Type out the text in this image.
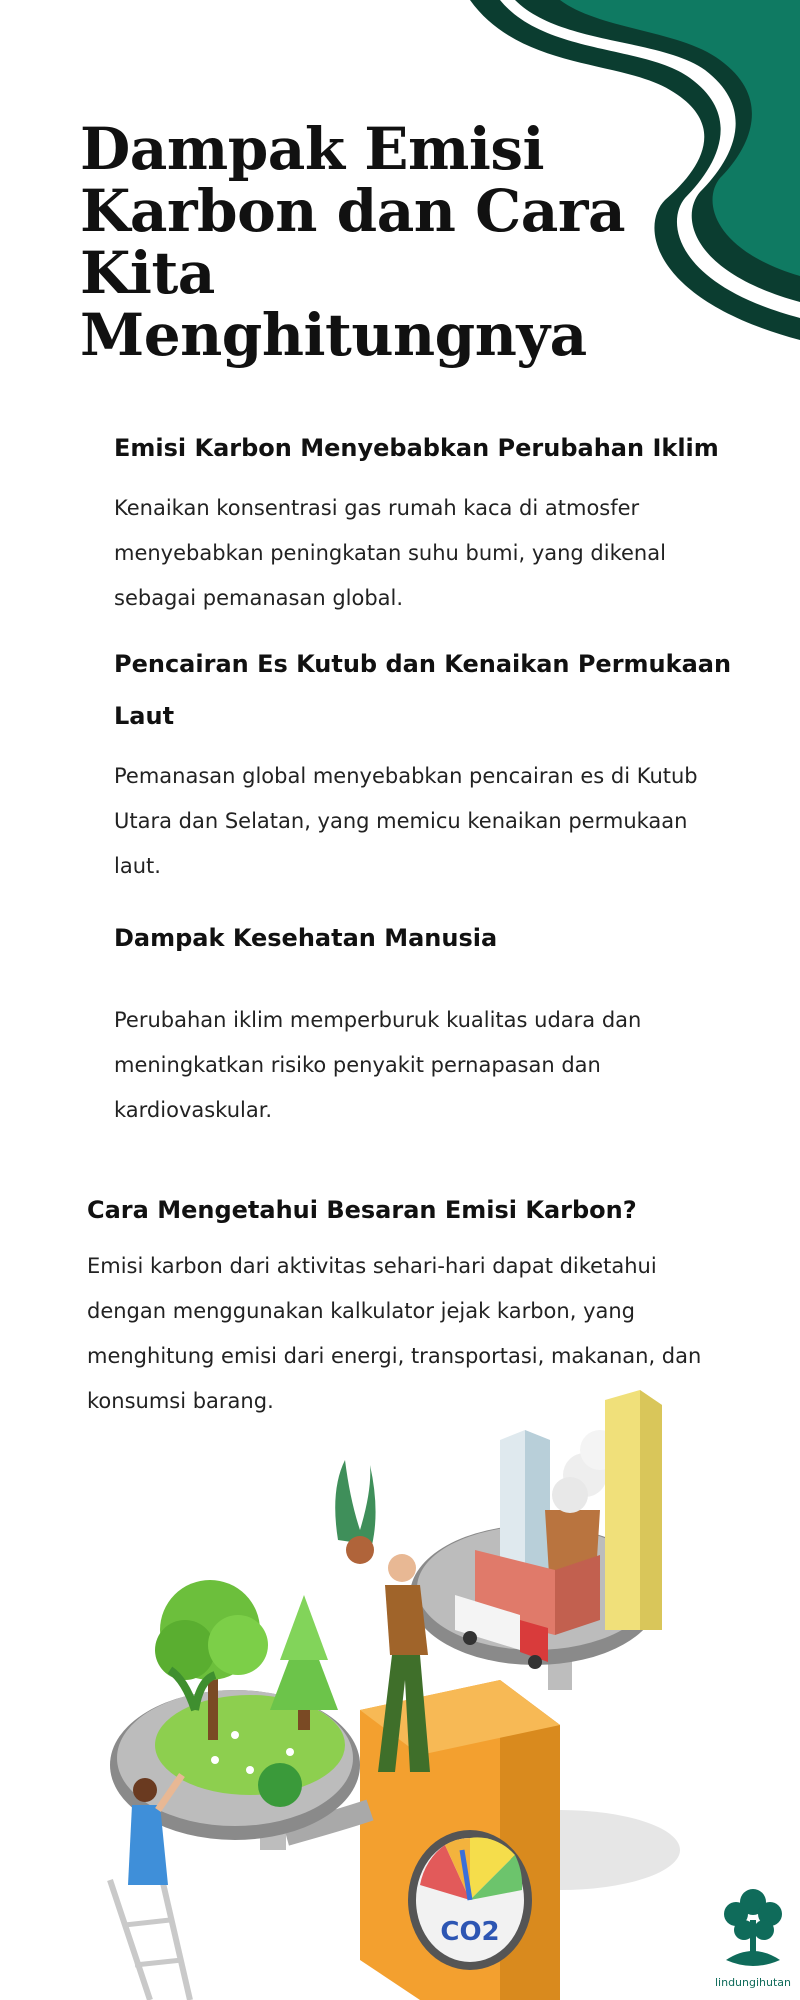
Dampak Emisi
Karbon dan Cara
Kita
Menghitungnya
Emisi Karbon Menyebabkan Perubahan Iklim

Kenaikan konsentrasi gas rumah kaca di atmosfer
menyebabkan peningkatan suhu bumi, yang dikenal
sebagai pemanasan global.

Pencairan Es Kutub dan Kenaikan Permukaan
Laut

Pemanasan global menyebabkan pencairan es di Kutub
Utara dan Selatan, yang memicu kenaikan permukaan
laut.

Dampak Kesehatan Manusia

Perubahan iklim memperburuk kualitas udara dan
meningkatkan risiko penyakit pernapasan dan
kardiovaskular.

Cara Mengetahui Besaran Emisi Karbon?

Emisi karbon dari aktivitas sehari-hari dapat diketahui
dengan menggunakan kalkulator jejak karbon, yang
menghitung emisi dari energi, transportasi, makanan, dan
konsumsi barang.

CO2
lindungihutan
